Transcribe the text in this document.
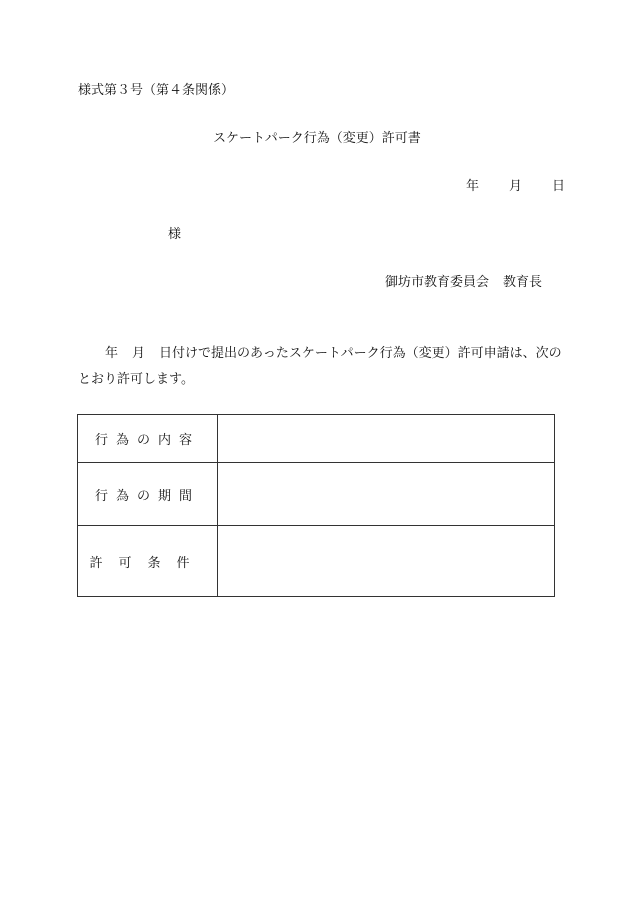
様式第３号（第４条関係）
スケートパーク行為（変更）許可書
年 月 日
様
御坊市教育委員会 教育長
年 月 日付けで提出のあったスケートパーク行為（変更）許可申請は、次の
とおり許可します。
行為の内容	
行為の期間	
許可条件	
